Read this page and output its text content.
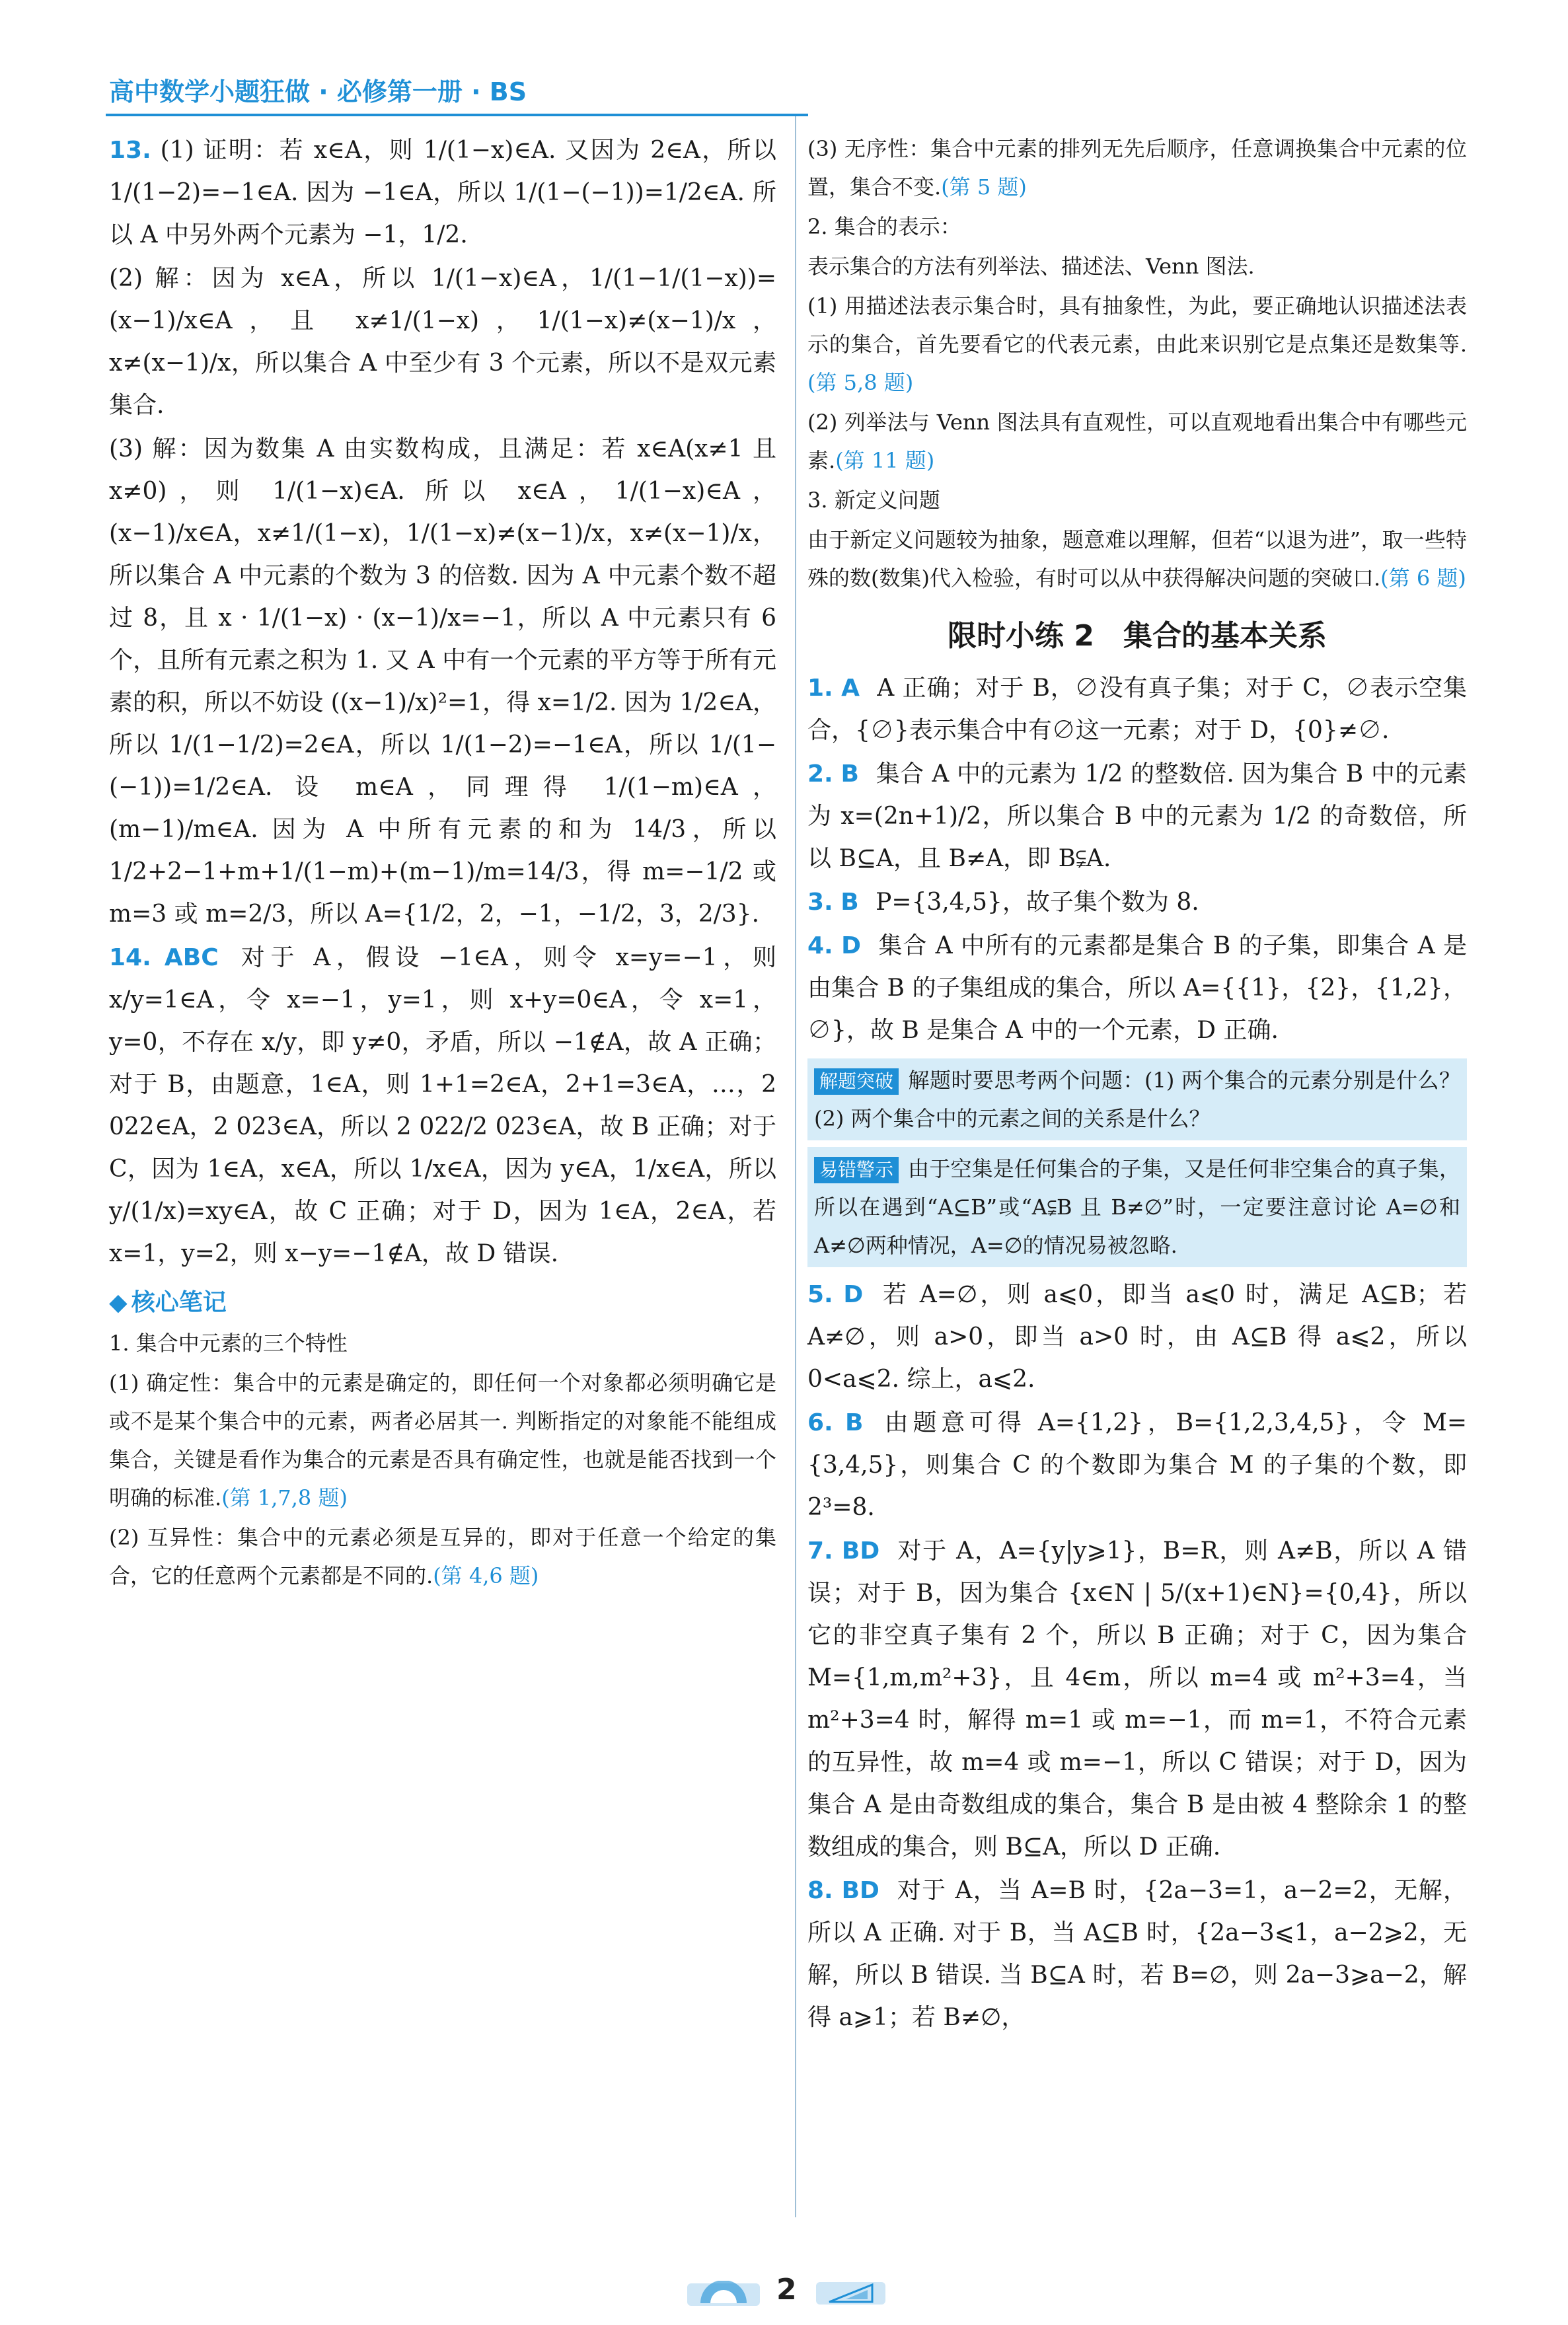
高中数学小题狂做 · 必修第一册 · BS

13. (1) 证明：若 x∈A，则 1/(1−x)∈A. 又因为 2∈A，所以 1/(1−2)=−1∈A. 因为 −1∈A，所以 1/(1−(−1))=1/2∈A. 所以 A 中另外两个元素为 −1，1/2.

(2) 解：因为 x∈A，所以 1/(1−x)∈A，1/(1−1/(1−x))=(x−1)/x∈A，且 x≠1/(1−x)，1/(1−x)≠(x−1)/x，x≠(x−1)/x，所以集合 A 中至少有 3 个元素，所以不是双元素集合.

(3) 解：因为数集 A 由实数构成，且满足：若 x∈A(x≠1 且 x≠0)，则 1/(1−x)∈A. 所以 x∈A，1/(1−x)∈A，(x−1)/x∈A，x≠1/(1−x)，1/(1−x)≠(x−1)/x，x≠(x−1)/x，所以集合 A 中元素的个数为 3 的倍数. 因为 A 中元素个数不超过 8，且 x · 1/(1−x) · (x−1)/x=−1，所以 A 中元素只有 6 个，且所有元素之积为 1. 又 A 中有一个元素的平方等于所有元素的积，所以不妨设 ((x−1)/x)²=1，得 x=1/2. 因为 1/2∈A，所以 1/(1−1/2)=2∈A，所以 1/(1−2)=−1∈A，所以 1/(1−(−1))=1/2∈A. 设 m∈A，同理得 1/(1−m)∈A，(m−1)/m∈A. 因为 A 中所有元素的和为 14/3，所以 1/2+2−1+m+1/(1−m)+(m−1)/m=14/3，得 m=−1/2 或 m=3 或 m=2/3，所以 A={1/2，2，−1，−1/2，3，2/3}.

14. ABC 对于 A，假设 −1∈A，则令 x=y=−1，则 x/y=1∈A，令 x=−1，y=1，则 x+y=0∈A，令 x=1，y=0，不存在 x/y，即 y≠0，矛盾，所以 −1∉A，故 A 正确；对于 B，由题意，1∈A，则 1+1=2∈A，2+1=3∈A，…，2 022∈A，2 023∈A，所以 2 022/2 023∈A，故 B 正确；对于 C，因为 1∈A，x∈A，所以 1/x∈A，因为 y∈A，1/x∈A，所以 y/(1/x)=xy∈A，故 C 正确；对于 D，因为 1∈A，2∈A，若 x=1，y=2，则 x−y=−1∉A，故 D 错误.

◆ 核心笔记

1. 集合中元素的三个特性

(1) 确定性：集合中的元素是确定的，即任何一个对象都必须明确它是或不是某个集合中的元素，两者必居其一. 判断指定的对象能不能组成集合，关键是看作为集合的元素是否具有确定性，也就是能否找到一个明确的标准.(第 1,7,8 题)

(2) 互异性：集合中的元素必须是互异的，即对于任意一个给定的集合，它的任意两个元素都是不同的.(第 4,6 题)

(3) 无序性：集合中元素的排列无先后顺序，任意调换集合中元素的位置，集合不变.(第 5 题)

2. 集合的表示：

表示集合的方法有列举法、描述法、Venn 图法.

(1) 用描述法表示集合时，具有抽象性，为此，要正确地认识描述法表示的集合，首先要看它的代表元素，由此来识别它是点集还是数集等.(第 5,8 题)

(2) 列举法与 Venn 图法具有直观性，可以直观地看出集合中有哪些元素.(第 11 题)

3. 新定义问题

由于新定义问题较为抽象，题意难以理解，但若“以退为进”，取一些特殊的数(数集)代入检验，有时可以从中获得解决问题的突破口.(第 6 题)

限时小练 2　集合的基本关系

1. A A 正确；对于 B，∅没有真子集；对于 C，∅表示空集合，{∅}表示集合中有∅这一元素；对于 D，{0}≠∅.

2. B 集合 A 中的元素为 1/2 的整数倍. 因为集合 B 中的元素为 x=(2n+1)/2，所以集合 B 中的元素为 1/2 的奇数倍，所以 B⊆A，且 B≠A，即 B⫋A.

3. B P={3,4,5}，故子集个数为 8.

4. D 集合 A 中所有的元素都是集合 B 的子集，即集合 A 是由集合 B 的子集组成的集合，所以 A={{1}，{2}，{1,2}，∅}，故 B 是集合 A 中的一个元素，D 正确.

解题突破 解题时要思考两个问题：(1) 两个集合的元素分别是什么？(2) 两个集合中的元素之间的关系是什么？
易错警示 由于空集是任何集合的子集，又是任何非空集合的真子集，所以在遇到“A⊆B”或“A⫋B 且 B≠∅”时，一定要注意讨论 A=∅和 A≠∅两种情况，A=∅的情况易被忽略.

5. D 若 A=∅，则 a⩽0，即当 a⩽0 时，满足 A⊆B；若 A≠∅，则 a>0，即当 a>0 时，由 A⊆B 得 a⩽2，所以 0<a⩽2. 综上，a⩽2.

6. B 由题意可得 A={1,2}，B={1,2,3,4,5}，令 M={3,4,5}，则集合 C 的个数即为集合 M 的子集的个数，即 2³=8.

7. BD 对于 A，A={y|y⩾1}，B=R，则 A≠B，所以 A 错误；对于 B，因为集合 {x∈N | 5/(x+1)∈N}={0,4}，所以它的非空真子集有 2 个，所以 B 正确；对于 C，因为集合 M={1,m,m²+3}，且 4∈m，所以 m=4 或 m²+3=4，当 m²+3=4 时，解得 m=1 或 m=−1，而 m=1，不符合元素的互异性，故 m=4 或 m=−1，所以 C 错误；对于 D，因为集合 A 是由奇数组成的集合，集合 B 是由被 4 整除余 1 的整数组成的集合，则 B⊆A，所以 D 正确.

8. BD 对于 A，当 A=B 时，{2a−3=1，a−2=2，无解，所以 A 正确. 对于 B，当 A⊆B 时，{2a−3⩽1，a−2⩾2，无解，所以 B 错误. 当 B⊆A 时，若 B=∅，则 2a−3⩾a−2，解得 a⩾1；若 B≠∅，

2
